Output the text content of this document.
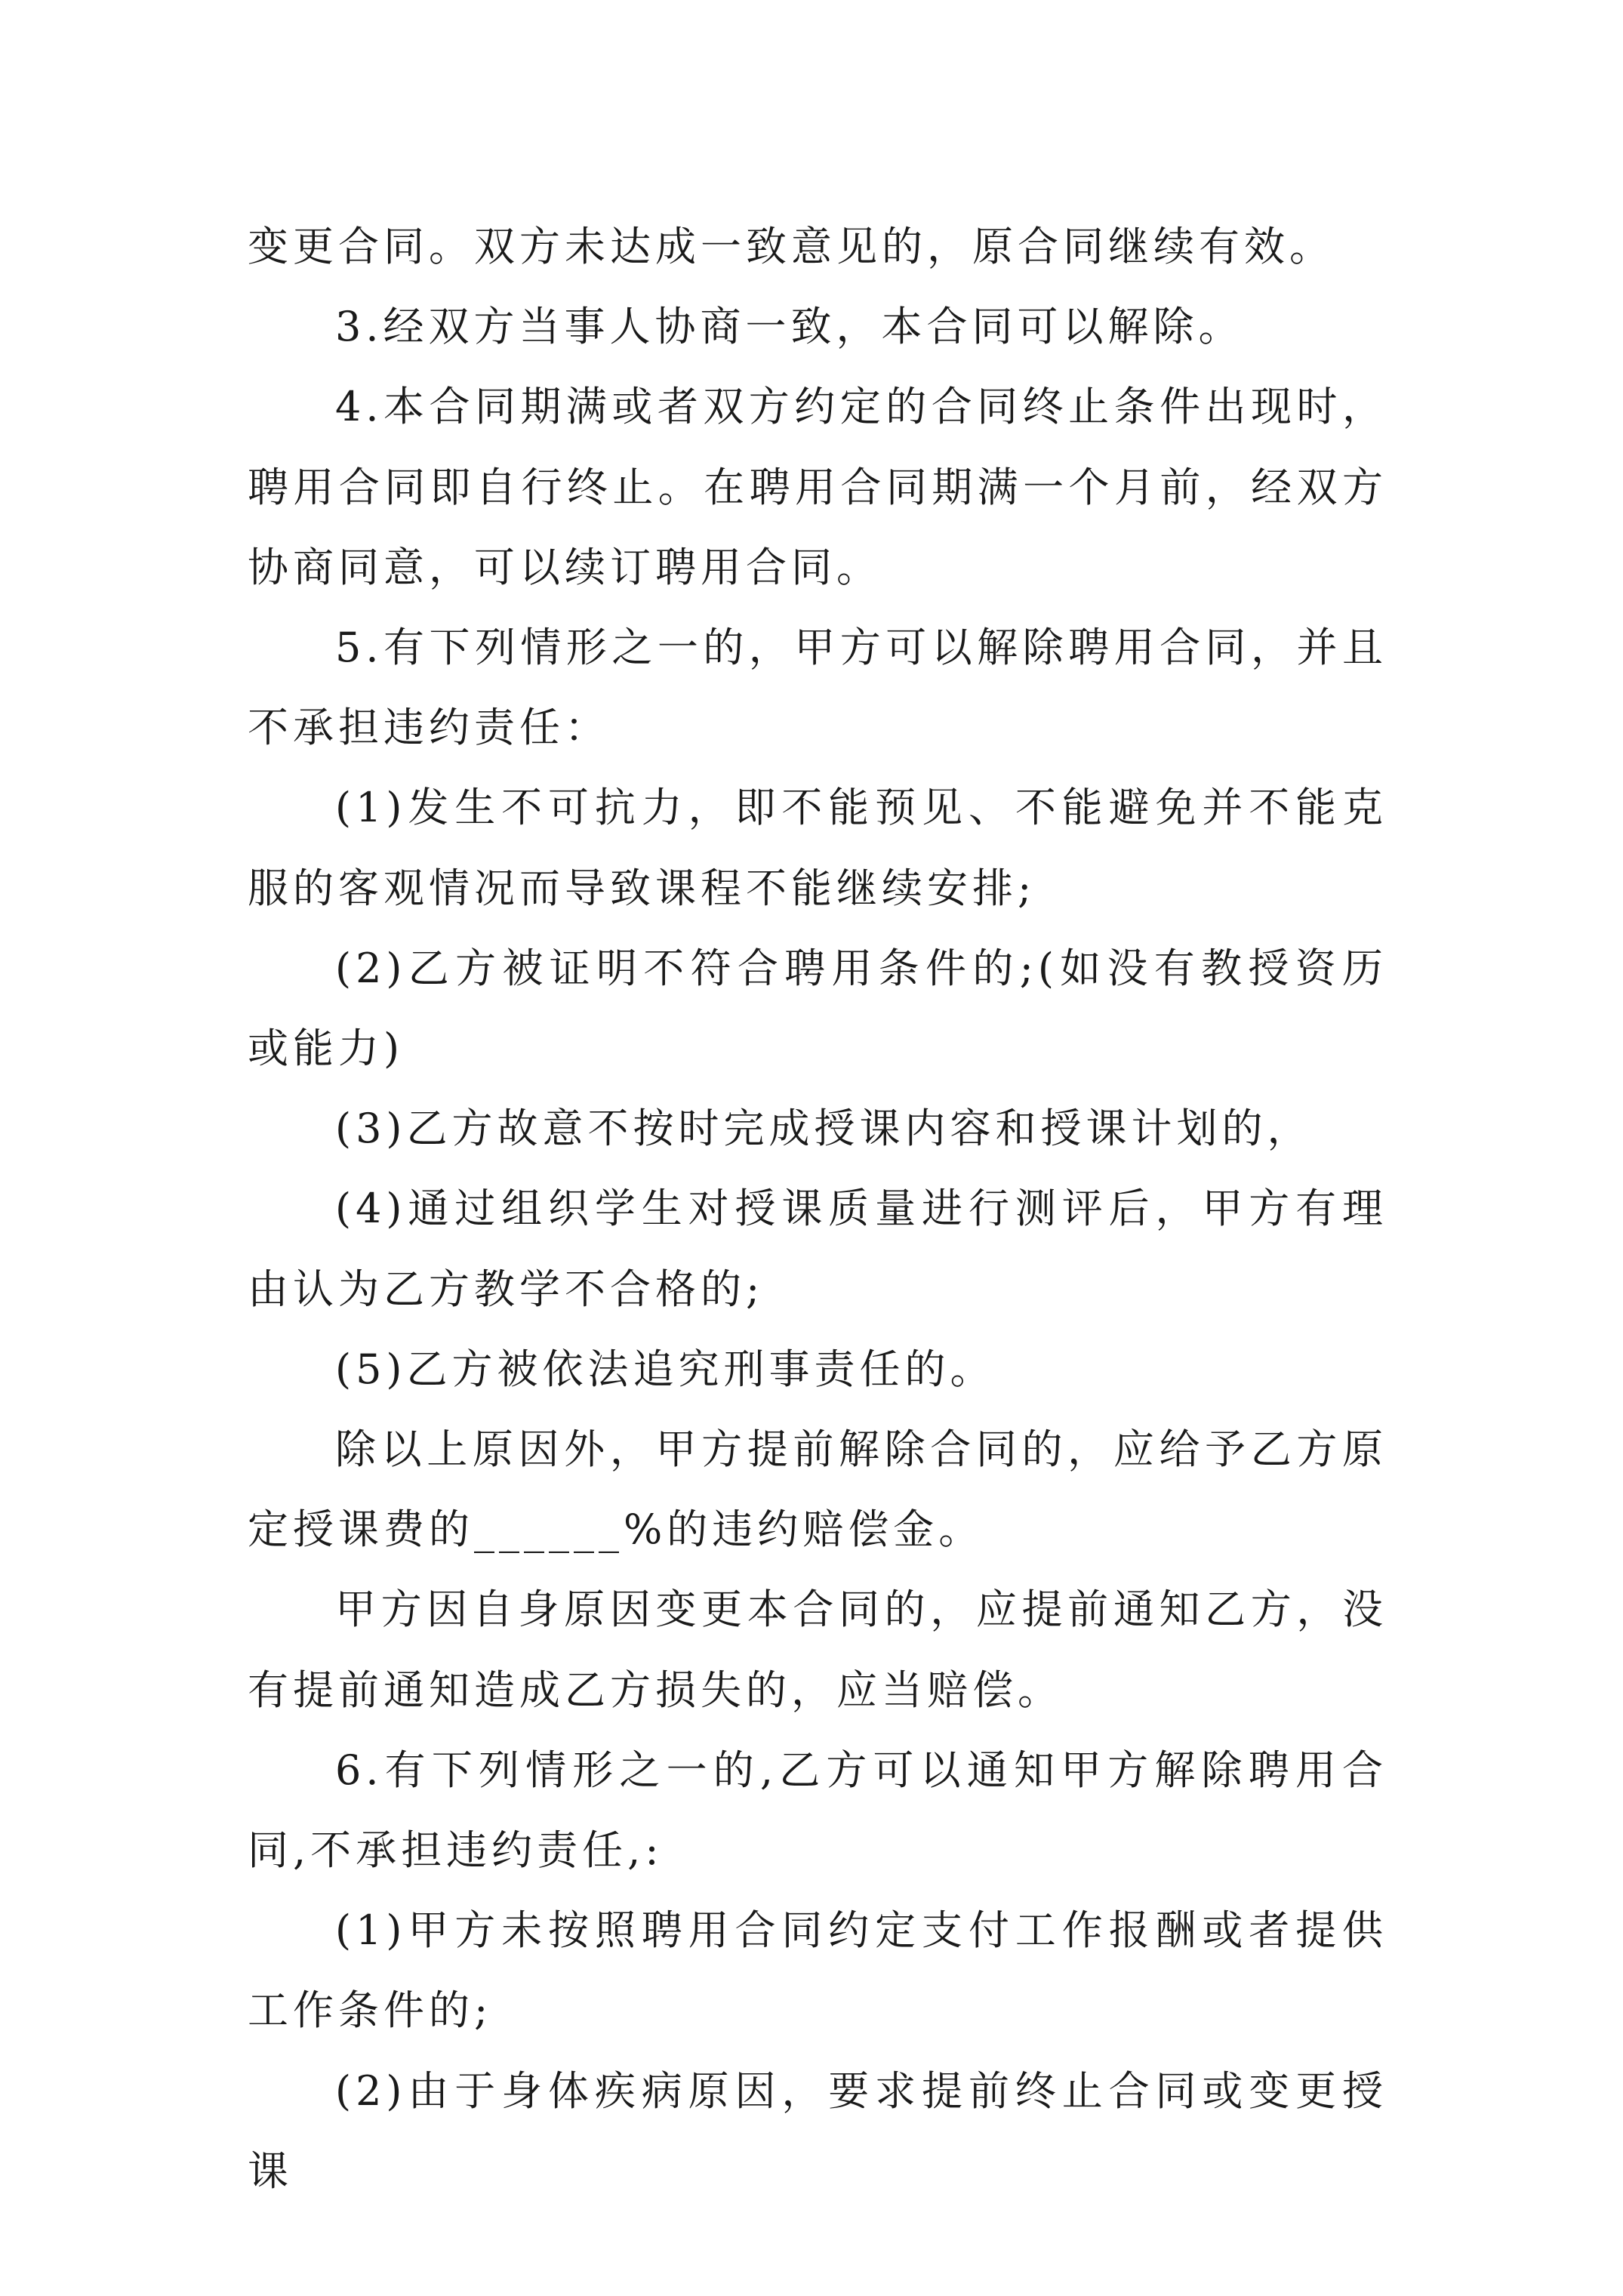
变更合同。双方未达成一致意见的，原合同继续有效。

3.经双方当事人协商一致，本合同可以解除。

4.本合同期满或者双方约定的合同终止条件出现时，聘用合同即自行终止。在聘用合同期满一个月前，经双方协商同意，可以续订聘用合同。

5.有下列情形之一的，甲方可以解除聘用合同，并且不承担违约责任：

(1)发生不可抗力，即不能预见、不能避免并不能克服的客观情况而导致课程不能继续安排;

(2)乙方被证明不符合聘用条件的;(如没有教授资历或能力)

(3)乙方故意不按时完成授课内容和授课计划的，

(4)通过组织学生对授课质量进行测评后，甲方有理由认为乙方教学不合格的;

(5)乙方被依法追究刑事责任的。

除以上原因外，甲方提前解除合同的，应给予乙方原定授课费的______%的违约赔偿金。

甲方因自身原因变更本合同的，应提前通知乙方，没有提前通知造成乙方损失的，应当赔偿。

6.有下列情形之一的,乙方可以通知甲方解除聘用合同,不承担违约责任,:

(1)甲方未按照聘用合同约定支付工作报酬或者提供工作条件的;

(2)由于身体疾病原因，要求提前终止合同或变更授课
